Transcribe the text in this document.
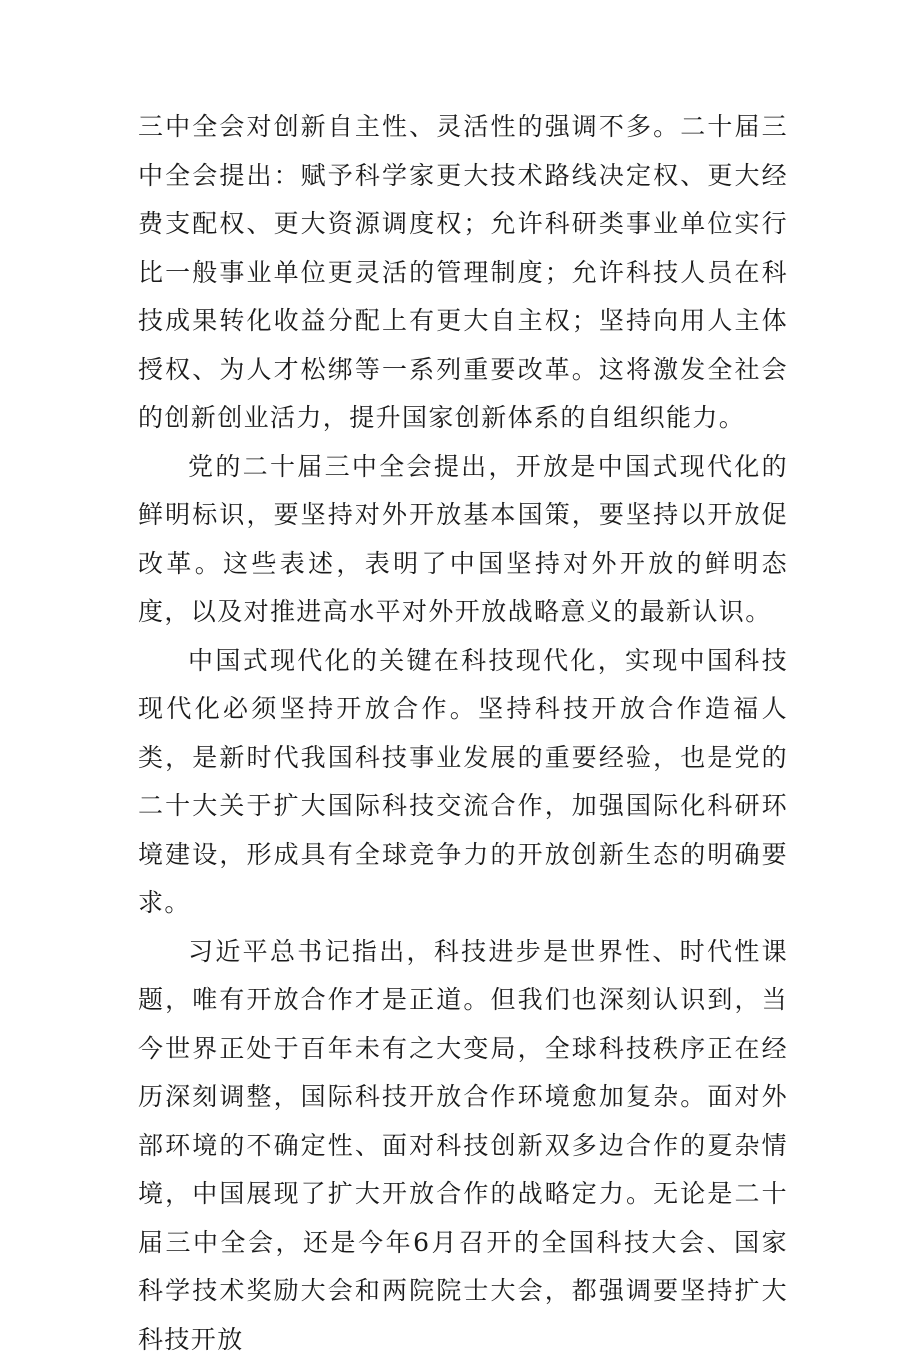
三中全会对创新自主性、灵活性的强调不多。二十届三中全会提出：赋予科学家更大技术路线决定权、更大经费支配权、更大资源调度权；允许科研类事业单位实行比一般事业单位更灵活的管理制度；允许科技人员在科技成果转化收益分配上有更大自主权；坚持向用人主体授权、为人才松绑等一系列重要改革。这将激发全社会的创新创业活力，提升国家创新体系的自组织能力。

党的二十届三中全会提出，开放是中国式现代化的鲜明标识，要坚持对外开放基本国策，要坚持以开放促改革。这些表述，表明了中国坚持对外开放的鲜明态度，以及对推进高水平对外开放战略意义的最新认识。

中国式现代化的关键在科技现代化，实现中国科技现代化必须坚持开放合作。坚持科技开放合作造福人类，是新时代我国科技事业发展的重要经验，也是党的二十大关于扩大国际科技交流合作，加强国际化科研环境建设，形成具有全球竞争力的开放创新生态的明确要求。

习近平总书记指出，科技进步是世界性、时代性课题，唯有开放合作才是正道。但我们也深刻认识到，当今世界正处于百年未有之大变局，全球科技秩序正在经历深刻调整，国际科技开放合作环境愈加复杂。面对外部环境的不确定性、面对科技创新双多边合作的夏杂情境，中国展现了扩大开放合作的战略定力。无论是二十届三中全会，还是今年6月召开的全国科技大会、国家科学技术奖励大会和两院院士大会，都强调要坚持扩大科技开放
